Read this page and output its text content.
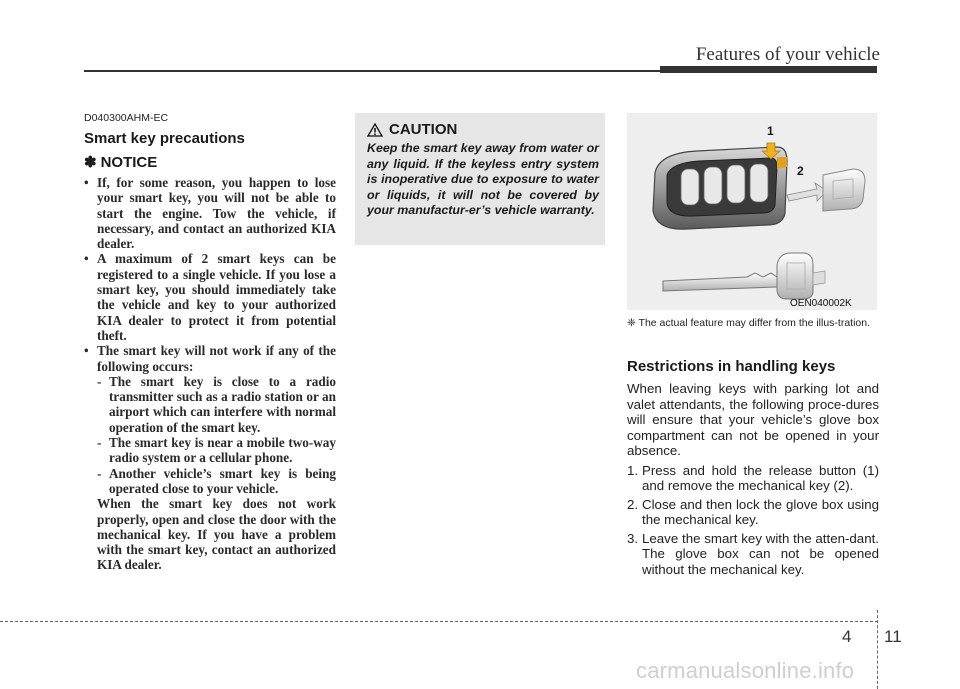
Features of your vehicle
D040300AHM-EC
Smart key precautions
✽ NOTICE
• If, for some reason, you happen to lose your smart key, you will not be able to start the engine. Tow the vehicle, if necessary, and contact an authorized KIA dealer.
• A maximum of 2 smart keys can be registered to a single vehicle. If you lose a smart key, you should immediately take the vehicle and key to your authorized KIA dealer to protect it from potential theft.
• The smart key will not work if any of the following occurs:
- The smart key is close to a radio transmitter such as a radio station or an airport which can interfere with normal operation of the smart key.
- The smart key is near a mobile two-way radio system or a cellular phone.
- Another vehicle’s smart key is being operated close to your vehicle.
When the smart key does not work properly, open and close the door with the mechanical key. If you have a problem with the smart key, contact an authorized KIA dealer.
CAUTION
Keep the smart key away from water or any liquid. If the keyless entry system is inoperative due to exposure to water or liquids, it will not be covered by your manufactur-er’s vehicle warranty.
1
2
OEN040002K
❈ The actual feature may differ from the illus-tration.
Restrictions in handling keys

When leaving keys with parking lot and valet attendants, the following proce-dures will ensure that your vehicle’s glove box compartment can not be opened in your absence.

1. Press and hold the release button (1) and remove the mechanical key (2).
2. Close and then lock the glove box using the mechanical key.
3. Leave the smart key with the atten-dant. The glove box can not be opened without the mechanical key.
4 11
carmanualsonline.info
